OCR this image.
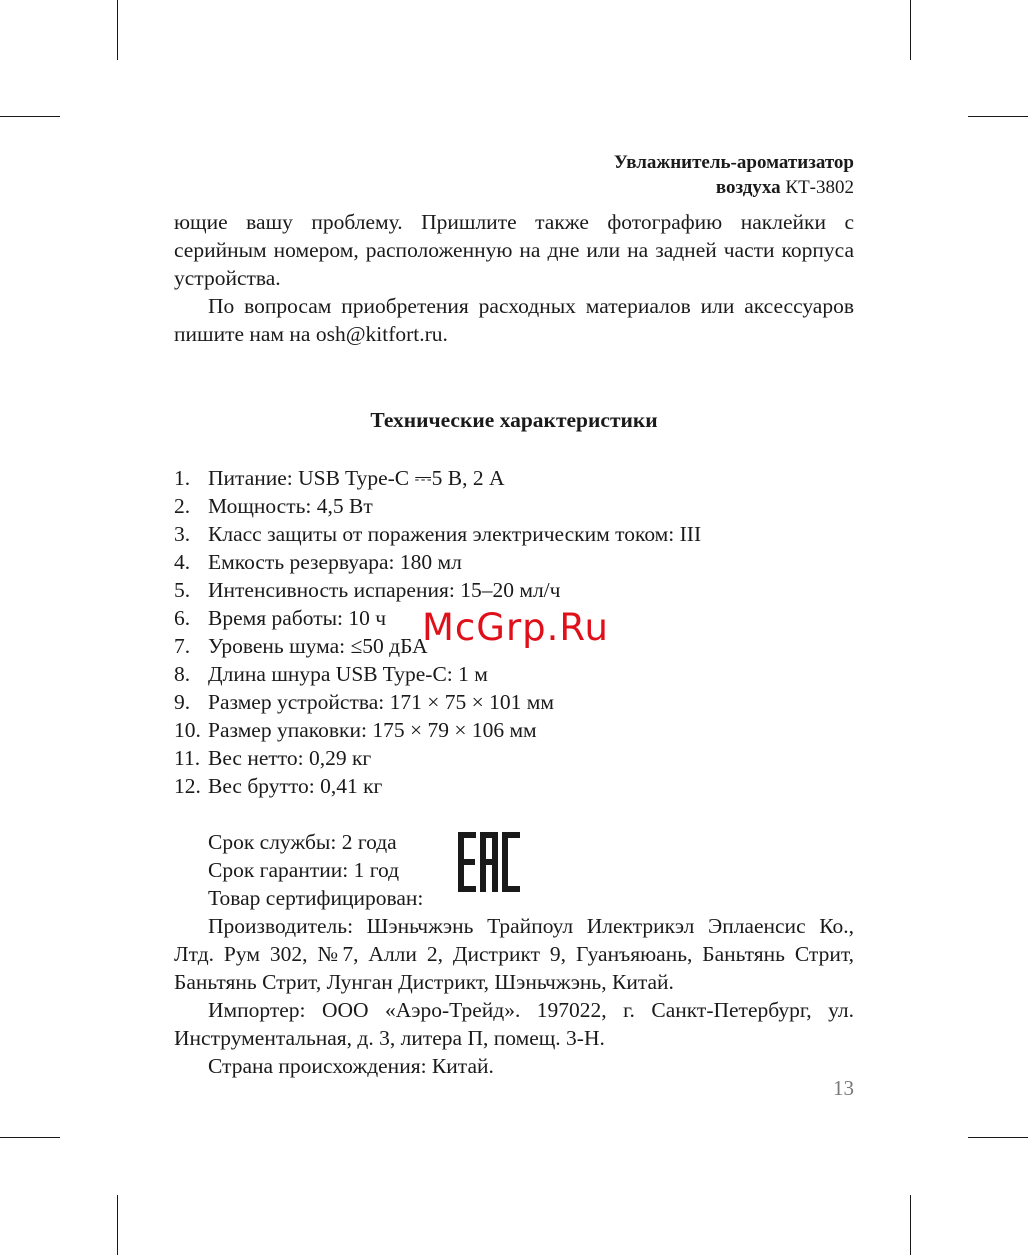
Увлажнитель-ароматизатор
воздуха КТ-3802

ющие вашу проблему. Пришлите также фотографию наклейки с серийным номером, расположенную на дне или на задней части корпуса устройства.

По вопросам приобретения расходных материалов или аксессуаров пишите нам на osh@kitfort.ru.

Технические характеристики
1. Питание: USB Type-C ⎓5 В, 2 А
2. Мощность: 4,5 Вт
3. Класс защиты от поражения электрическим током: III
4. Емкость резервуара: 180 мл
5. Интенсивность испарения: 15–20 мл/ч
6. Время работы: 10 ч
7. Уровень шума: ≤50 дБА
8. Длина шнура USB Type-C: 1 м
9. Размер устройства: 171 × 75 × 101 мм
10. Размер упаковки: 175 × 79 × 106 мм
11. Вес нетто: 0,29 кг
12. Вес брутто: 0,41 кг
Срок службы: 2 года
Срок гарантии: 1 год
Товар сертифицирован:

Производитель: Шэньчжэнь Трайпоул Илектрикэл Эплаенсис Ко., Лтд. Рум 302, №7, Алли 2, Дистрикт 9, Гуанъяюань, Баньтянь Стрит, Баньтянь Стрит, Лунган Дистрикт, Шэньчжэнь, Китай.

Импортер: ООО «Аэро-Трейд». 197022, г. Санкт-Петербург, ул. Инструментальная, д. 3, литера П, помещ. 3-Н.

Страна происхождения: Китай.

McGrp.Ru
13
